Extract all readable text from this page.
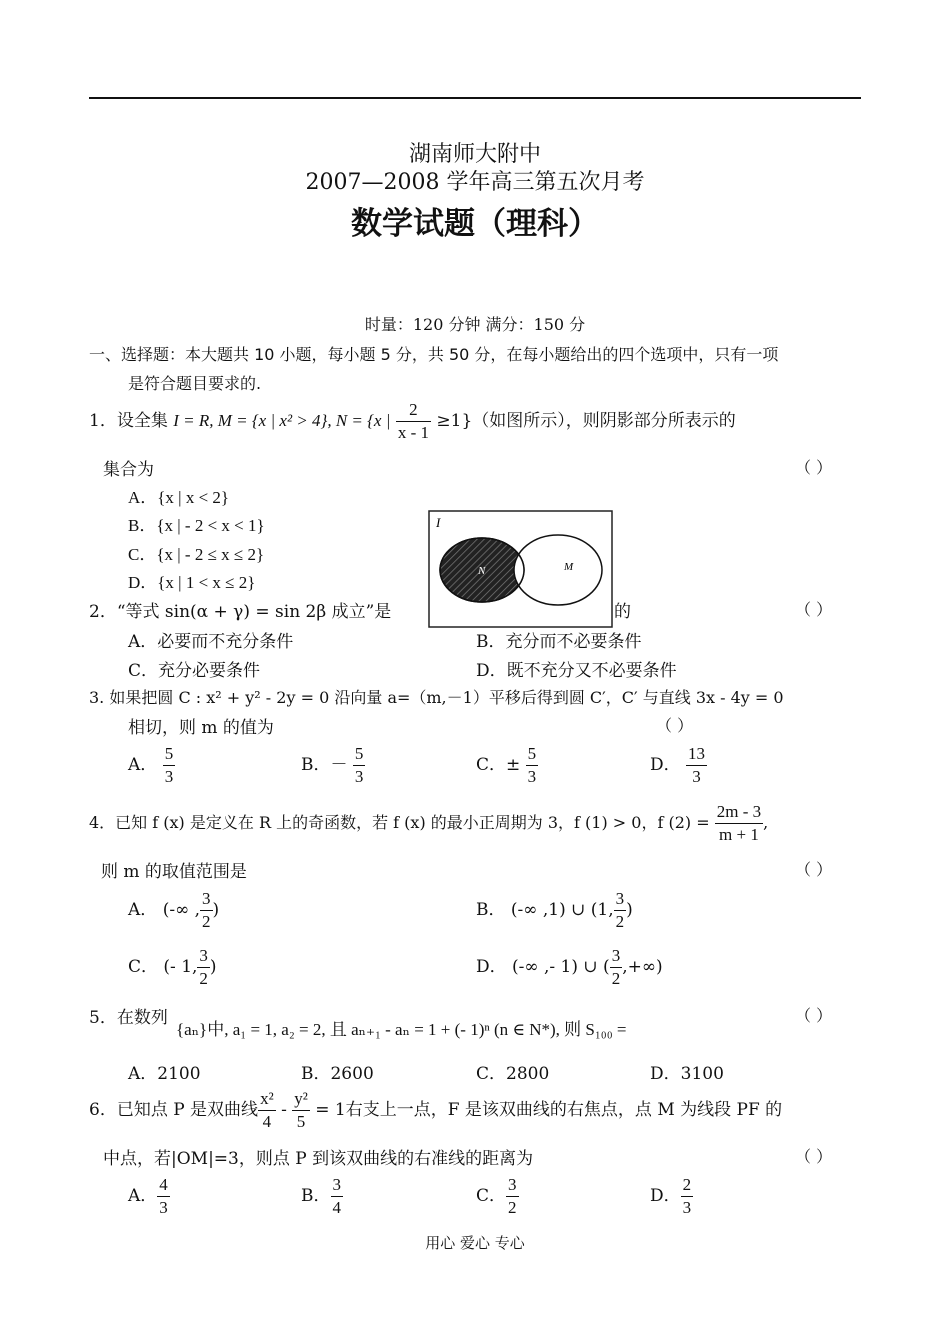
湖南师大附中
2007—2008 学年高三第五次月考
数学试题（理科）
时量：120 分钟 满分：150 分
一、选择题：本大题共 10 小题，每小题 5 分，共 50 分，在每小题给出的四个选项中，只有一项
是符合题目要求的.
1．设全集 I = R, M = {x | x² > 4}, N = {x | $\frac{2}{x - 1} \ge 1$}（如图所示），则阴影部分所表示的
集合为	（ ）
A．{x | x < 2}
B．{x | - 2 < x < 1}
C．{x | - 2 ≤ x ≤ 2}
D．{x | 1 < x ≤ 2}
I
N	M
2．“等式 sin(α + γ) = sin 2β 成立”是	的	（ ）
A．必要而不充分条件	B．充分而不必要条件
C．充分必要条件	D．既不充分又不必要条件
3. 如果把圆 C : x² + y² - 2y = 0 沿向量 a=（m,－1）平移后得到圆 C′，C′ 与直线 3x - 4y = 0
相切，则 m 的值为	（ ）
A． $\frac{5}{3}$	B．－ $\frac{5}{3}$	C．± $\frac{5}{3}$	D． $\frac{13}{3}$
4．已知 f (x) 是定义在 R 上的奇函数，若 f (x) 的最小正周期为 3，f (1) > 0，f $(2) = \frac{2m - 3}{m + 1}$ ,
则 m 的取值范围是	（ ）
A． (-∞ , $\frac{3}{2}$ )	B． (-∞ ,1) ∪ (1, $\frac{3}{2}$ )
C． (- 1, $\frac{3}{2}$ )	D． (-∞ ,- 1) ∪ ( $\frac{3}{2}$ ,+∞)
5．在数列
{aₙ}中, a₁ = 1, a₂ = 2, 且 aₙ₊₁ - aₙ = 1 + (- 1)ⁿ (n ∈ N*), 则 S₁₀₀ =
（ ）
A．2100	B．2600	C．2800	D．3100
6．已知点 P 是双曲线 $\frac{\text{x²}}{4} - \frac{\text{y²}}{5} = 1$右支上一点，F 是该双曲线的右焦点，点 M 为线段 PF 的
中点，若|OM|=3，则点 P 到该双曲线的右准线的距离为	（ ）
A． $\frac{4}{3}$	B． $\frac{3}{4}$	C． $\frac{3}{2}$	D． $\frac{2}{3}$
用心 爱心 专心
